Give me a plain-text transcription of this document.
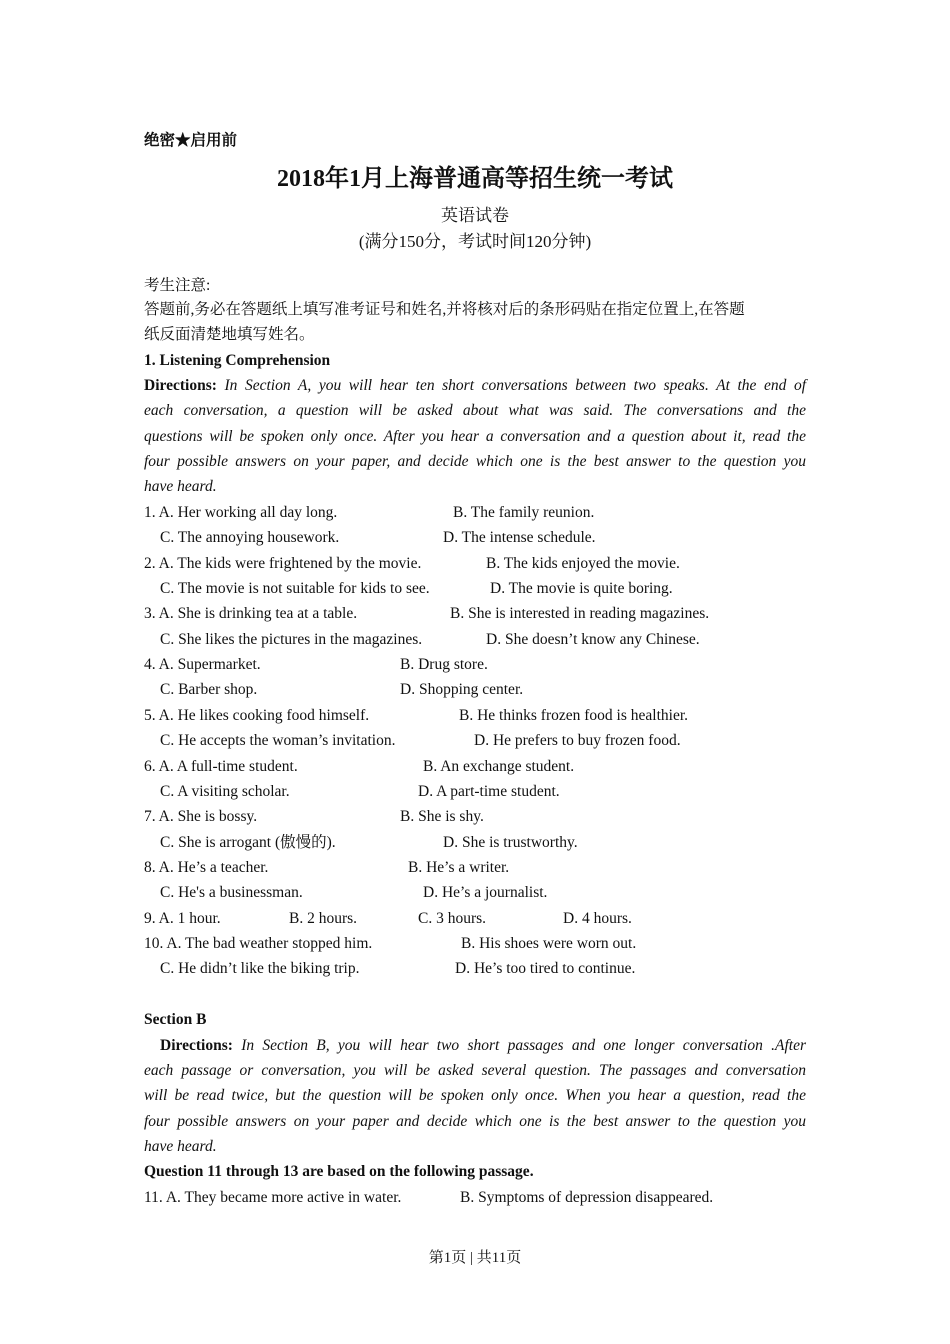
绝密★启用前
2018年1月上海普通高等招生统一考试
英语试卷
(满分150分，考试时间120分钟)
考生注意:
答题前,务必在答题纸上填写准考证号和姓名,并将核对后的条形码贴在指定位置上,在答题
纸反面清楚地填写姓名。
1. Listening Comprehension
Directions: In Section A, you will hear ten short conversations between two speaks. At the end of
each conversation, a question will be asked about what was said. The conversations and the
questions will be spoken only once. After you hear a conversation and a question about it, read the
four possible answers on your paper, and decide which one is the best answer to the question you
have heard.
1. A. Her working all day long.	B. The family reunion.
C. The annoying housework.	D. The intense schedule.
2. A. The kids were frightened by the movie.	B. The kids enjoyed the movie.
C. The movie is not suitable for kids to see.	D. The movie is quite boring.
3. A. She is drinking tea at a table.	B. She is interested in reading magazines.
C. She likes the pictures in the magazines.	D. She doesn’t know any Chinese.
4. A. Supermarket.	B. Drug store.
C. Barber shop.	D. Shopping center.
5. A. He likes cooking food himself.	B. He thinks frozen food is healthier.
C. He accepts the woman’s invitation.	D. He prefers to buy frozen food.
6. A. A full-time student.	B. An exchange student.
C. A visiting scholar.	D. A part-time student.
7. A. She is bossy.	B. She is shy.
C. She is arrogant (傲慢的).	D. She is trustworthy.
8. A. He’s a teacher.	B. He’s a writer.
C. He's a businessman.	D. He’s a journalist.
9. A. 1 hour.	B. 2 hours.	C. 3 hours.	D. 4 hours.
10. A. The bad weather stopped him.	B. His shoes were worn out.
C. He didn’t like the biking trip.	D. He’s too tired to continue.
Section B
Directions: In Section B, you will hear two short passages and one longer conversation .After
each passage or conversation, you will be asked several question. The passages and conversation
will be read twice, but the question will be spoken only once. When you hear a question, read the
four possible answers on your paper and decide which one is the best answer to the question you
have heard.
Question 11 through 13 are based on the following passage.
11. A. They became more active in water.	B. Symptoms of depression disappeared.
第1页 | 共11页
